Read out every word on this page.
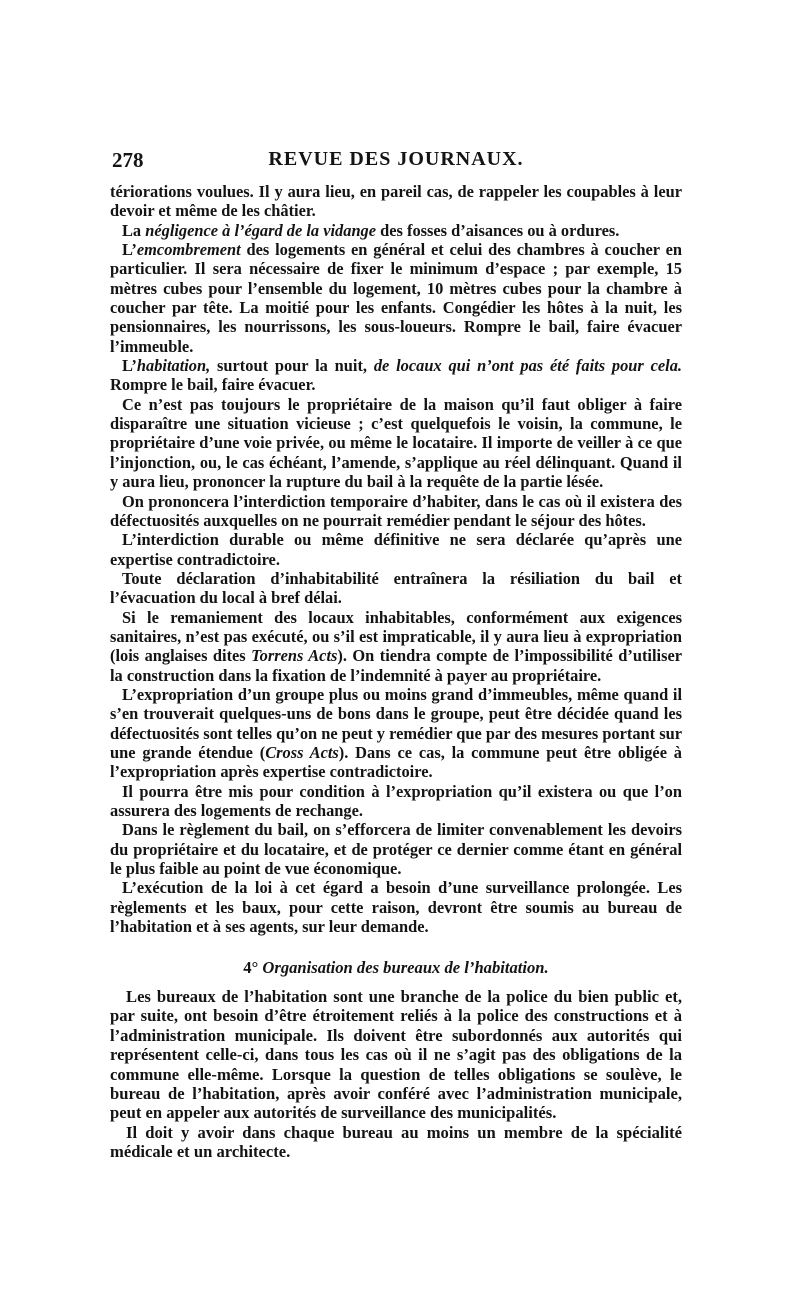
278	REVUE DES JOURNAUX.

tériorations voulues. Il y aura lieu, en pareil cas, de rappeler les coupables à leur devoir et même de les châtier.

La négligence à l’égard de la vidange des fosses d’aisances ou à ordures.

L’emcombrement des logements en général et celui des chambres à coucher en particulier. Il sera nécessaire de fixer le minimum d’espace ; par exemple, 15 mètres cubes pour l’ensemble du logement, 10 mètres cubes pour la chambre à coucher par tête. La moitié pour les enfants. Congédier les hôtes à la nuit, les pensionnaires, les nourrissons, les sous-loueurs. Rompre le bail, faire évacuer l’immeuble.

L’habitation, surtout pour la nuit, de locaux qui n’ont pas été faits pour cela. Rompre le bail, faire évacuer.

Ce n’est pas toujours le propriétaire de la maison qu’il faut obliger à faire disparaître une situation vicieuse ; c’est quelquefois le voisin, la commune, le propriétaire d’une voie privée, ou même le locataire. Il importe de veiller à ce que l’injonction, ou, le cas échéant, l’amende, s’applique au réel délinquant. Quand il y aura lieu, prononcer la rupture du bail à la requête de la partie lésée.

On prononcera l’interdiction temporaire d’habiter, dans le cas où il existera des défectuosités auxquelles on ne pourrait remédier pendant le séjour des hôtes.

L’interdiction durable ou même définitive ne sera déclarée qu’après une expertise contradictoire.

Toute déclaration d’inhabitabilité entraînera la résiliation du bail et l’évacuation du local à bref délai.

Si le remaniement des locaux inhabitables, conformément aux exigences sanitaires, n’est pas exécuté, ou s’il est impraticable, il y aura lieu à expropriation (lois anglaises dites Torrens Acts). On tiendra compte de l’impossibilité d’utiliser la construction dans la fixation de l’indemnité à payer au propriétaire.

L’expropriation d’un groupe plus ou moins grand d’immeubles, même quand il s’en trouverait quelques-uns de bons dans le groupe, peut être décidée quand les défectuosités sont telles qu’on ne peut y remédier que par des mesures portant sur une grande étendue (Cross Acts). Dans ce cas, la commune peut être obligée à l’expropriation après expertise contradictoire.

Il pourra être mis pour condition à l’expropriation qu’il existera ou que l’on assurera des logements de rechange.

Dans le règlement du bail, on s’efforcera de limiter convenablement les devoirs du propriétaire et du locataire, et de protéger ce dernier comme étant en général le plus faible au point de vue économique.

L’exécution de la loi à cet égard a besoin d’une surveillance prolongée. Les règlements et les baux, pour cette raison, devront être soumis au bureau de l’habitation et à ses agents, sur leur demande.

4° Organisation des bureaux de l’habitation.

Les bureaux de l’habitation sont une branche de la police du bien public et, par suite, ont besoin d’être étroitement reliés à la police des constructions et à l’administration municipale. Ils doivent être subordonnés aux autorités qui représentent celle-ci, dans tous les cas où il ne s’agit pas des obligations de la commune elle-même. Lorsque la question de telles obligations se soulève, le bureau de l’habitation, après avoir conféré avec l’administration municipale, peut en appeler aux autorités de surveillance des municipalités.

Il doit y avoir dans chaque bureau au moins un membre de la spécialité médicale et un architecte.
